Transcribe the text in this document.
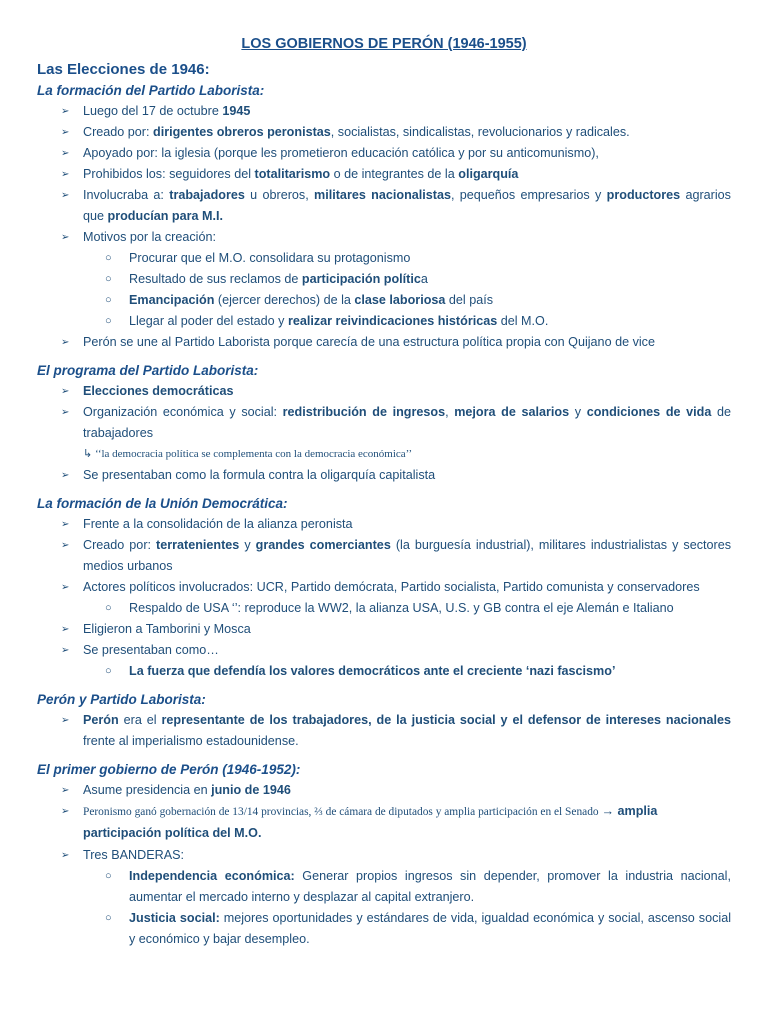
LOS GOBIERNOS DE PERÓN (1946-1955)
Las Elecciones de 1946:
La formación del Partido Laborista:
➢ Luego del 17 de octubre 1945
➢ Creado por: dirigentes obreros peronistas, socialistas, sindicalistas, revolucionarios y radicales.
➢ Apoyado por: la iglesia (porque les prometieron educación católica y por su anticomunismo),
➢ Prohibidos los: seguidores del totalitarismo o de integrantes de la oligarquía
➢ Involucraba a: trabajadores u obreros, militares nacionalistas, pequeños empresarios y productores agrarios que producían para M.I.
➢ Motivos por la creación:
○ Procurar que el M.O. consolidara su protagonismo
○ Resultado de sus reclamos de participación política
○ Emancipación (ejercer derechos) de la clase laboriosa del país
○ Llegar al poder del estado y realizar reivindicaciones históricas del M.O.
➢ Perón se une al Partido Laborista porque carecía de una estructura política propia con Quijano de vice
El programa del Partido Laborista:
➢ Elecciones democráticas
➢ Organización económica y social: redistribución de ingresos, mejora de salarios y condiciones de vida de trabajadores
↳ ‘‘la democracia política se complementa con la democracia económica’’
➢ Se presentaban como la formula contra la oligarquía capitalista
La formación de la Unión Democrática:
➢ Frente a la consolidación de la alianza peronista
➢ Creado por: terratenientes y grandes comerciantes (la burguesía industrial), militares industrialistas y sectores medios urbanos
➢ Actores políticos involucrados: UCR, Partido demócrata, Partido socialista, Partido comunista y conservadores
○ Respaldo de USA ‘’: reproduce la WW2, la alianza USA, U.S. y GB contra el eje Alemán e Italiano
➢ Eligieron a Tamborini y Mosca
➢ Se presentaban como…
○ La fuerza que defendía los valores democráticos ante el creciente ‘nazi fascismo’
Perón y Partido Laborista:
➢ Perón era el representante de los trabajadores, de la justicia social y el defensor de intereses nacionales frente al imperialismo estadounidense.
El primer gobierno de Perón (1946-1952):
➢ Asume presidencia en junio de 1946
➢ Peronismo ganó gobernación de 13/14 provincias, ⅔ de cámara de diputados y amplia participación en el Senado → amplia participación política del M.O.
➢ Tres BANDERAS:
○ Independencia económica: Generar propios ingresos sin depender, promover la industria nacional, aumentar el mercado interno y desplazar al capital extranjero.
○ Justicia social: mejores oportunidades y estándares de vida, igualdad económica y social, ascenso social y económico y bajar desempleo.
